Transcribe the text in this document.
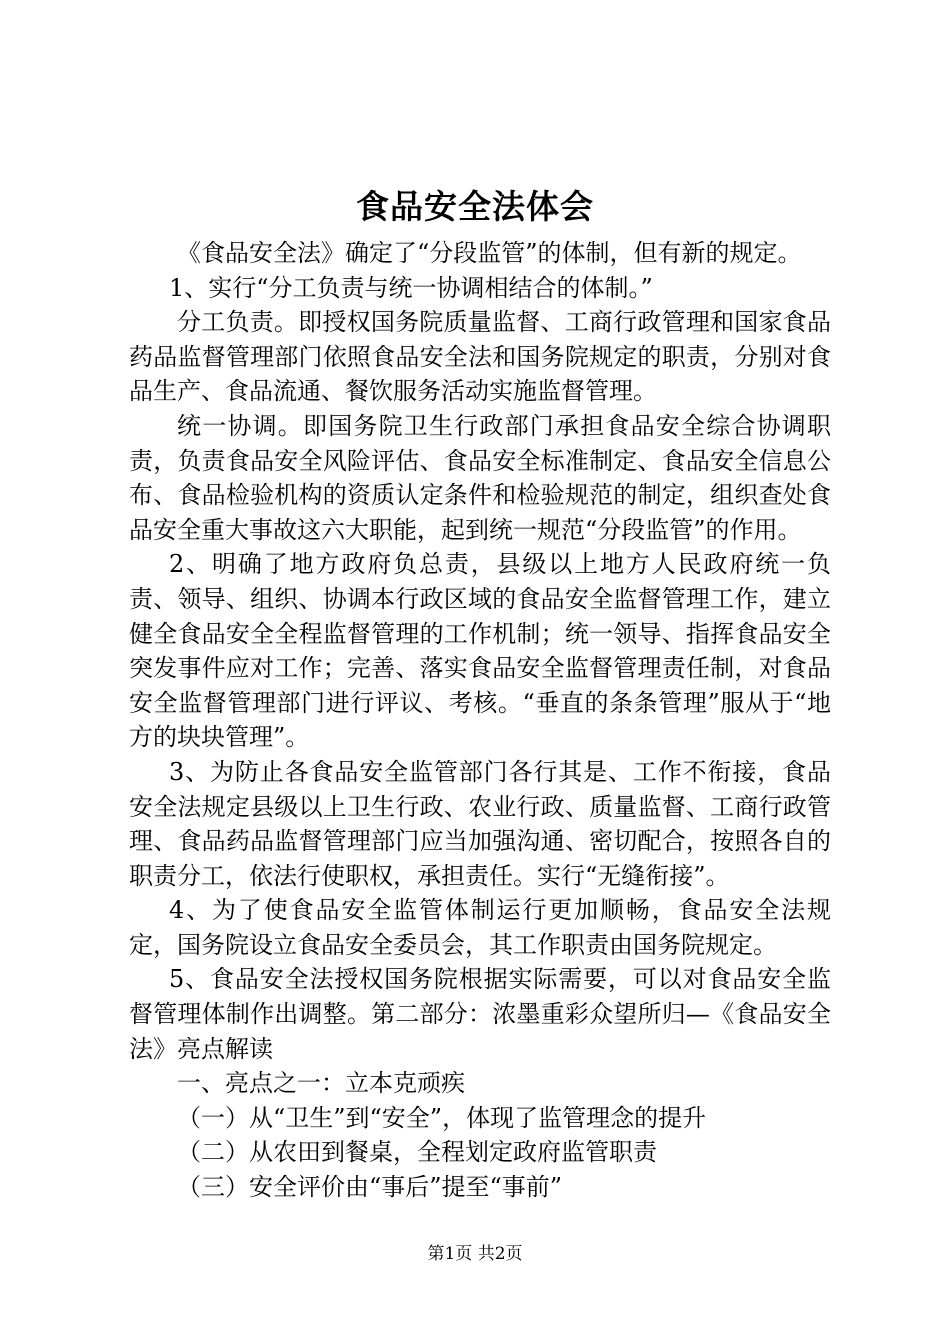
食品安全法体会

《食品安全法》确定了“分段监管”的体制，但有新的规定。

1、实行“分工负责与统一协调相结合的体制。”

分工负责。即授权国务院质量监督、工商行政管理和国家食品药品监督管理部门依照食品安全法和国务院规定的职责，分别对食品生产、食品流通、餐饮服务活动实施监督管理。

统一协调。即国务院卫生行政部门承担食品安全综合协调职责，负责食品安全风险评估、食品安全标准制定、食品安全信息公布、食品检验机构的资质认定条件和检验规范的制定，组织查处食品安全重大事故这六大职能，起到统一规范“分段监管”的作用。

2、明确了地方政府负总责，县级以上地方人民政府统一负责、领导、组织、协调本行政区域的食品安全监督管理工作，建立健全食品安全全程监督管理的工作机制；统一领导、指挥食品安全突发事件应对工作；完善、落实食品安全监督管理责任制，对食品安全监督管理部门进行评议、考核。“垂直的条条管理”服从于“地方的块块管理”。

3、为防止各食品安全监管部门各行其是、工作不衔接，食品安全法规定县级以上卫生行政、农业行政、质量监督、工商行政管理、食品药品监督管理部门应当加强沟通、密切配合，按照各自的职责分工，依法行使职权，承担责任。实行“无缝衔接”。

4、为了使食品安全监管体制运行更加顺畅，食品安全法规定，国务院设立食品安全委员会，其工作职责由国务院规定。

5、食品安全法授权国务院根据实际需要，可以对食品安全监督管理体制作出调整。第二部分：浓墨重彩众望所归—《食品安全法》亮点解读

一、亮点之一：立本克顽疾

（一）从“卫生”到“安全”，体现了监管理念的提升

（二）从农田到餐桌，全程划定政府监管职责

（三）安全评价由“事后”提至“事前”

第1页 共2页
